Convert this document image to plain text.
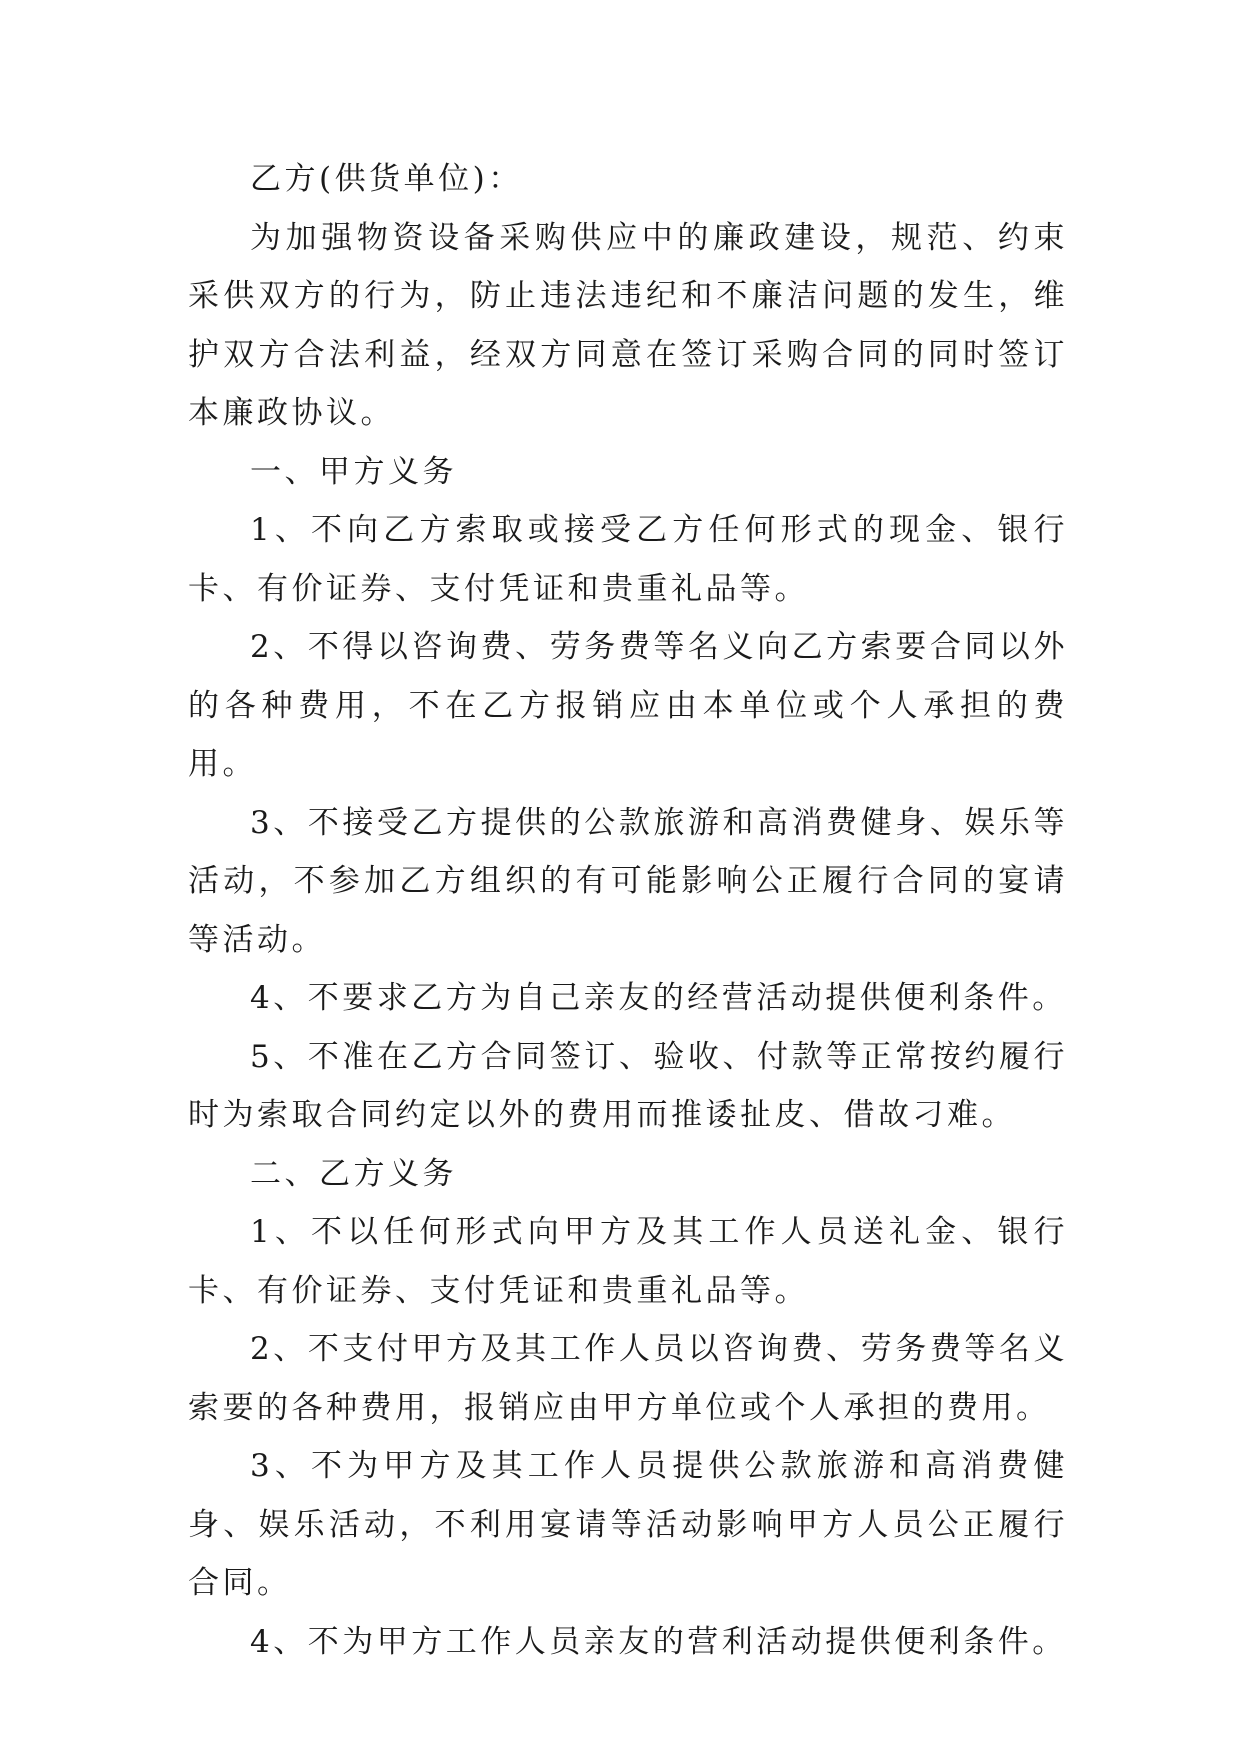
乙方(供货单位)：

为加强物资设备采购供应中的廉政建设，规范、约束采供双方的行为，防止违法违纪和不廉洁问题的发生，维护双方合法利益，经双方同意在签订采购合同的同时签订本廉政协议。

一、甲方义务

1、不向乙方索取或接受乙方任何形式的现金、银行卡、有价证券、支付凭证和贵重礼品等。

2、不得以咨询费、劳务费等名义向乙方索要合同以外的各种费用，不在乙方报销应由本单位或个人承担的费用。

3、不接受乙方提供的公款旅游和高消费健身、娱乐等活动，不参加乙方组织的有可能影响公正履行合同的宴请等活动。

4、不要求乙方为自己亲友的经营活动提供便利条件。

5、不准在乙方合同签订、验收、付款等正常按约履行时为索取合同约定以外的费用而推诿扯皮、借故刁难。

二、乙方义务

1、不以任何形式向甲方及其工作人员送礼金、银行卡、有价证券、支付凭证和贵重礼品等。

2、不支付甲方及其工作人员以咨询费、劳务费等名义索要的各种费用，报销应由甲方单位或个人承担的费用。

3、不为甲方及其工作人员提供公款旅游和高消费健身、娱乐活动，不利用宴请等活动影响甲方人员公正履行合同。

4、不为甲方工作人员亲友的营利活动提供便利条件。
